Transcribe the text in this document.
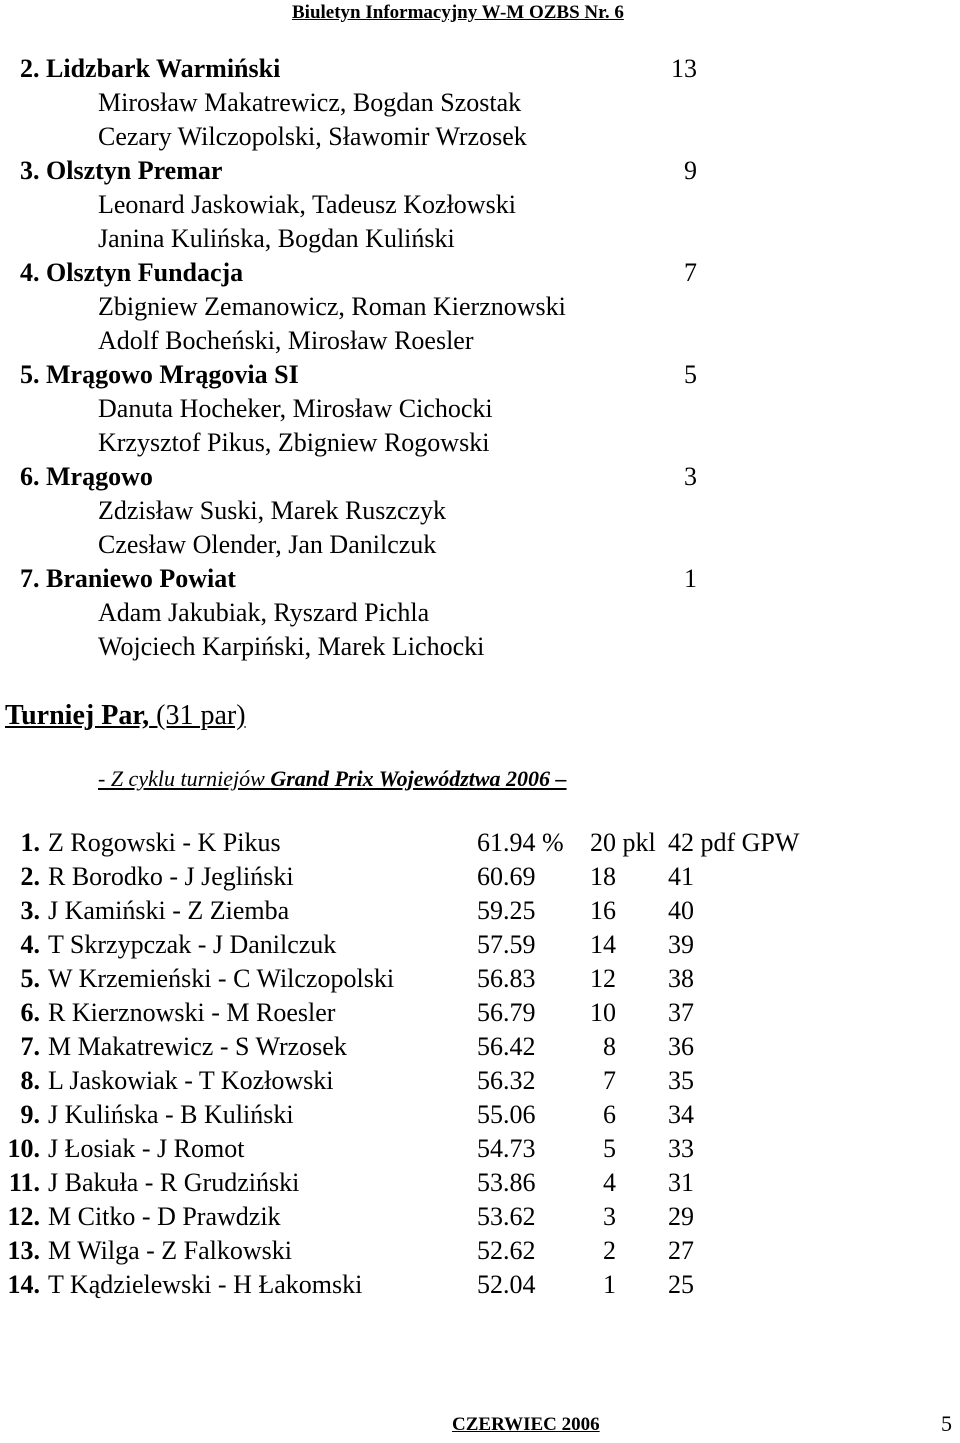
Biuletyn Informacyjny W-M OZBS Nr. 6
2. Lidzbark Warmiński	13
Mirosław Makatrewicz, Bogdan Szostak
Cezary Wilczopolski, Sławomir Wrzosek
3. Olsztyn Premar	9
Leonard Jaskowiak, Tadeusz Kozłowski
Janina Kulińska, Bogdan Kuliński
4. Olsztyn Fundacja	7
Zbigniew Zemanowicz, Roman Kierznowski
Adolf Bocheński, Mirosław Roesler
5. Mrągowo Mrągovia SI	5
Danuta Hocheker, Mirosław Cichocki
Krzysztof Pikus, Zbigniew Rogowski
6. Mrągowo	3
Zdzisław Suski, Marek Ruszczyk
Czesław Olender, Jan Danilczuk
7. Braniewo Powiat	1
Adam Jakubiak, Ryszard Pichla
Wojciech Karpiński, Marek Lichocki
Turniej Par, (31 par)
- Z cyklu turniejów Grand Prix Województwa 2006 –
1. Z Rogowski - K Pikus	61.94 % 20 pkl 42 pdf GPW
2. R Borodko - J Jegliński	60.69	18 41
3. J Kamiński - Z Ziemba	59.25	16 40
4. T Skrzypczak - J Danilczuk	57.59	14 39
5. W Krzemieński - C Wilczopolski	56.83	12 38
6. R Kierznowski - M Roesler	56.79	10 37
7. M Makatrewicz - S Wrzosek	56.42	8 36
8. L Jaskowiak - T Kozłowski	56.32	7 35
9. J Kulińska - B Kuliński	55.06	6 34
10. J Łosiak - J Romot	54.73	5 33
11. J Bakuła - R Grudziński	53.86	4 31
12. M Citko - D Prawdzik	53.62	3 29
13. M Wilga - Z Falkowski	52.62	2 27
14. T Kądzielewski - H Łakomski	52.04	1 25
CZERWIEC 2006	5
